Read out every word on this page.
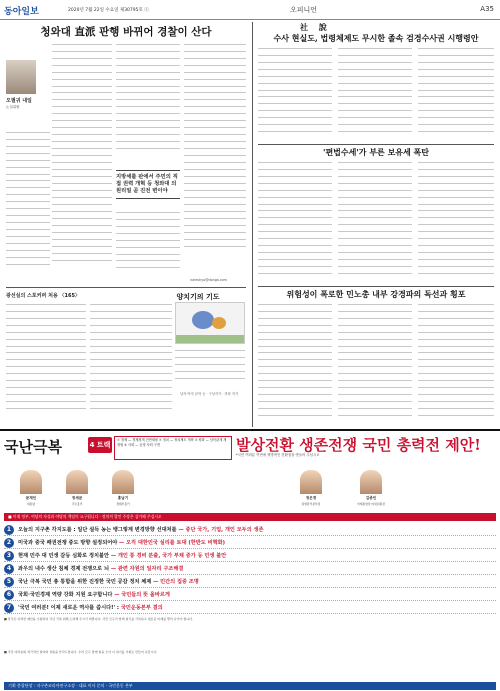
동아일보	2020년 7월 22일 수요일 제30795호 ⓐ	오피니언	A35
청와대 直派 판행 바뀌어 경찰이 산다
오필귀 내일
논설위원
지방세를 판에서 주민의 직접 권력 개혁 등 청와대 의원리얼 곧 진전 변이야
nareshyo@donga.com
광선실의 스포커퍼 처용 〈165〉	양치기의 기도
남자·여자 문학 등 · 구성작가 · 만화 작가
社 說
수사 현실도, 법령체제도 무시한 졸속 검경수사권 시행령안
'편법수세'가 부른 보유세 폭탄
위험성이 폭로한 민노총 내부 강경파의 독선과 횡포
국난극복	4 트랙
① 경제 — 경제정책 전면재평 ② 정치 — 정치제도 개혁 ③ 평화 — 남북관계 재정립 ④ 사회 — 공정 사회 구현	발상전환 생존전쟁 국민 총력전 제안!
*국민 여러분 이번에 혁명적인 전환점을 만들어 주십시오
문재인
대통령
정세균
국무총리
홍남기
경제부총리
정은경
질병관리본부장
김종인
미래통합당 비대위원장
■ 이제 정부, 여당의 자성과 야당의 책임이 요구됩니다 · 정치적 발언 주장은 삼가해 주십시오
1	오늘의 지구촌 각지도를 : 일단 설득 농는 뱅그렇계 변경방향 선대처를 — 중단 국가, 기업, 개인 모두의 생존
2	미국과 중국 패권전쟁 중도 방향 설정되어야 — 오직 대한민국 실리를 토대 (한반도 비핵화)
3	현재 민주 대 민생 갈등 심화로 정치불안 — 개인 통 경비 분출, 국가 부채 증가 등 민생 불안
4	좌우의 내수 생산 침체 경제 전쟁으로 뇌 — 관련 자원의 일자리 구조해결
5	국난 극복 국민 총 통합을 위한 진정한 국민 공감 정치 체제 — 민간의 집중 조명
6	국회·국민경제 역량 강화 지원 요구합니다 — 국민들의 뜻 올바르게
7	'국민 여러분! 이제 새로운 역사를 씁시다!' : 국민운동본부 결의
■ 당국은 이러한 제안을 수렴하여 국난 극복 위해 노력해 주시기 바랍니다. 국민 모두가 함께 위기를 극복하고 새로운 미래를 열어 나가야 합니다.
■ 국민 여러분의 적극적인 참여와 성원을 부탁드립니다. 우리 모두 함께 힘을 모아 이 위기를 기회로 만들어 나갑시다.
기획 총괄단장 : 지구촌코리아연구소장 · 대표 이사 문의 · 국민운동 본부
